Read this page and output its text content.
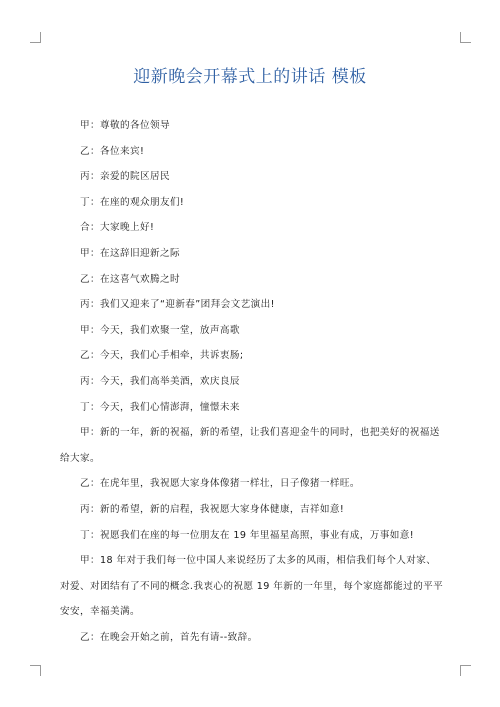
迎新晚会开幕式上的讲话 模板

甲：尊敬的各位领导

乙：各位来宾!

丙：亲爱的院区居民

丁：在座的观众朋友们!

合：大家晚上好!

甲：在这辞旧迎新之际

乙：在这喜气欢腾之时

丙：我们又迎来了“迎新春”团拜会文艺演出!

甲：今天，我们欢聚一堂，放声高歌

乙：今天，我们心手相牵，共诉衷肠;

丙：今天，我们高举美酒，欢庆良辰

丁：今天，我们心情澎湃，憧憬未来

甲：新的一年，新的祝福，新的希望，让我们喜迎金牛的同时，也把美好的祝福送给大家。

乙：在虎年里，我祝愿大家身体像猪一样壮，日子像猪一样旺。

丙：新的希望，新的启程，我祝愿大家身体健康，吉祥如意!

丁：祝愿我们在座的每一位朋友在 19 年里福星高照，事业有成，万事如意!

甲：18 年对于我们每一位中国人来说经历了太多的风雨，相信我们每个人对家、对爱、对团结有了不同的概念.我衷心的祝愿 19 年新的一年里，每个家庭都能过的平平安安，幸福美满。

乙：在晚会开始之前，首先有请--致辞。
